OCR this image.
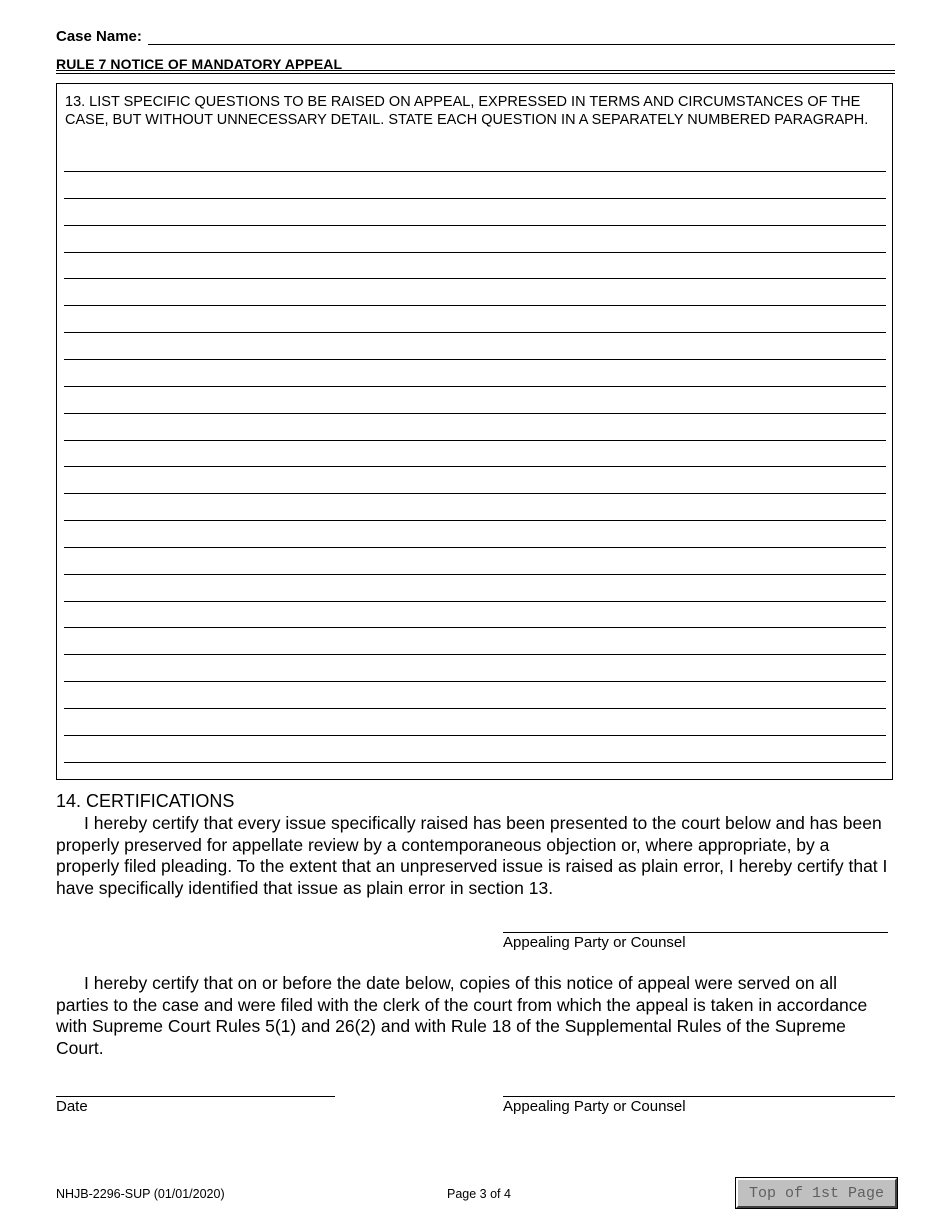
Case Name:
RULE 7 NOTICE OF MANDATORY APPEAL
13. LIST SPECIFIC QUESTIONS TO BE RAISED ON APPEAL, EXPRESSED IN TERMS AND CIRCUMSTANCES OF THE CASE, BUT WITHOUT UNNECESSARY DETAIL. STATE EACH QUESTION IN A SEPARATELY NUMBERED PARAGRAPH.
14. CERTIFICATIONS
I hereby certify that every issue specifically raised has been presented to the court below and has been properly preserved for appellate review by a contemporaneous objection or, where appropriate, by a properly filed pleading. To the extent that an unpreserved issue is raised as plain error, I hereby certify that I have specifically identified that issue as plain error in section 13.
Appealing Party or Counsel
I hereby certify that on or before the date below, copies of this notice of appeal were served on all parties to the case and were filed with the clerk of the court from which the appeal is taken in accordance with Supreme Court Rules 5(1) and 26(2) and with Rule 18 of the Supplemental Rules of the Supreme Court.
Date	Appealing Party or Counsel
NHJB-2296-SUP (01/01/2020)	Page 3 of 4	Top of 1st Page
